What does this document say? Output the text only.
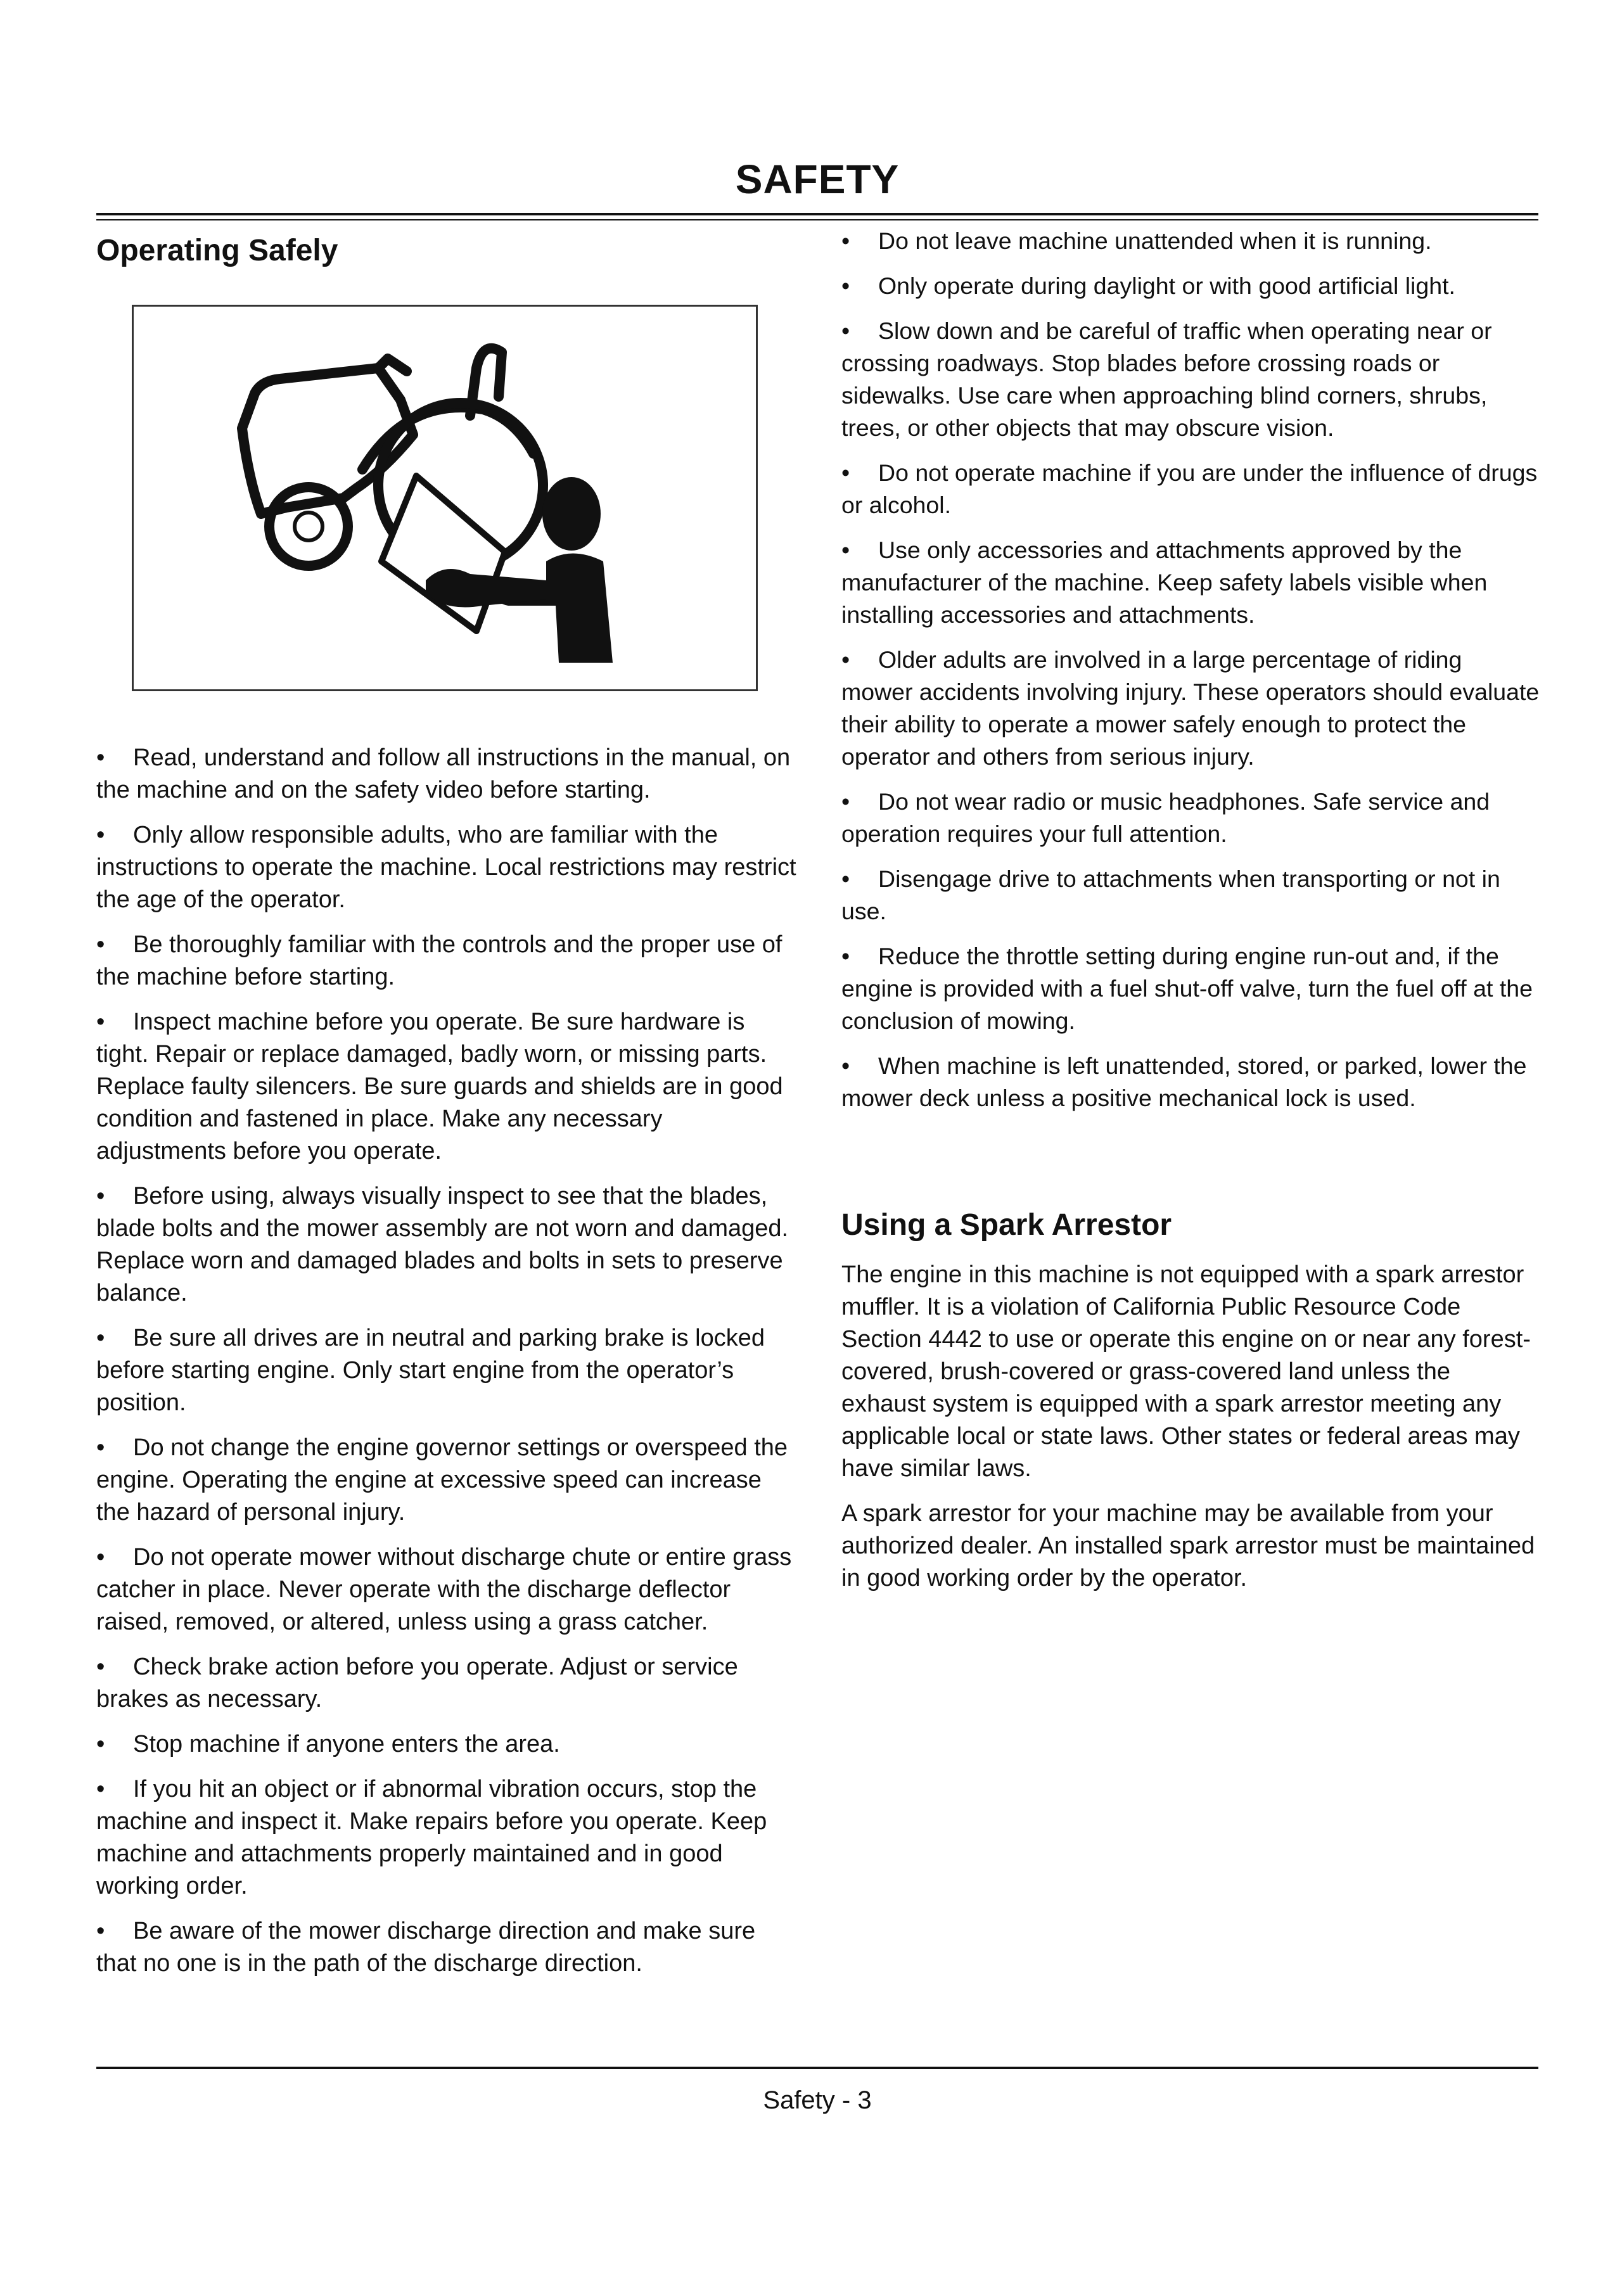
SAFETY
Operating Safely
• Read, understand and follow all instructions in the manual, on the machine and on the safety video before starting.
• Only allow responsible adults, who are familiar with the instructions to operate the machine. Local restrictions may restrict the age of the operator.
• Be thoroughly familiar with the controls and the proper use of the machine before starting.
• Inspect machine before you operate. Be sure hardware is tight. Repair or replace damaged, badly worn, or missing parts. Replace faulty silencers. Be sure guards and shields are in good condition and fastened in place. Make any necessary adjustments before you operate.
• Before using, always visually inspect to see that the blades, blade bolts and the mower assembly are not worn and damaged. Replace worn and damaged blades and bolts in sets to preserve balance.
• Be sure all drives are in neutral and parking brake is locked before starting engine. Only start engine from the operator’s position.
• Do not change the engine governor settings or overspeed the engine. Operating the engine at excessive speed can increase the hazard of personal injury.
• Do not operate mower without discharge chute or entire grass catcher in place. Never operate with the discharge deflector raised, removed, or altered, unless using a grass catcher.
• Check brake action before you operate. Adjust or service brakes as necessary.
• Stop machine if anyone enters the area.
• If you hit an object or if abnormal vibration occurs, stop the machine and inspect it. Make repairs before you operate. Keep machine and attachments properly maintained and in good working order.
• Be aware of the mower discharge direction and make sure that no one is in the path of the discharge direction.
• Do not leave machine unattended when it is running.
• Only operate during daylight or with good artificial light.
• Slow down and be careful of traffic when operating near or crossing roadways. Stop blades before crossing roads or sidewalks. Use care when approaching blind corners, shrubs, trees, or other objects that may obscure vision.
• Do not operate machine if you are under the influence of drugs or alcohol.
• Use only accessories and attachments approved by the manufacturer of the machine. Keep safety labels visible when installing accessories and attachments.
• Older adults are involved in a large percentage of riding mower accidents involving injury. These operators should evaluate their ability to operate a mower safely enough to protect the operator and others from serious injury.
• Do not wear radio or music headphones. Safe service and operation requires your full attention.
• Disengage drive to attachments when transporting or not in use.
• Reduce the throttle setting during engine run-out and, if the engine is provided with a fuel shut-off valve, turn the fuel off at the conclusion of mowing.
• When machine is left unattended, stored, or parked, lower the mower deck unless a positive mechanical lock is used.
Using a Spark Arrestor

The engine in this machine is not equipped with a spark arrestor muffler. It is a violation of California Public Resource Code Section 4442 to use or operate this engine on or near any forest-covered, brush-covered or grass-covered land unless the exhaust system is equipped with a spark arrestor meeting any applicable local or state laws. Other states or federal areas may have similar laws.

A spark arrestor for your machine may be available from your authorized dealer. An installed spark arrestor must be maintained in good working order by the operator.

Safety - 3
